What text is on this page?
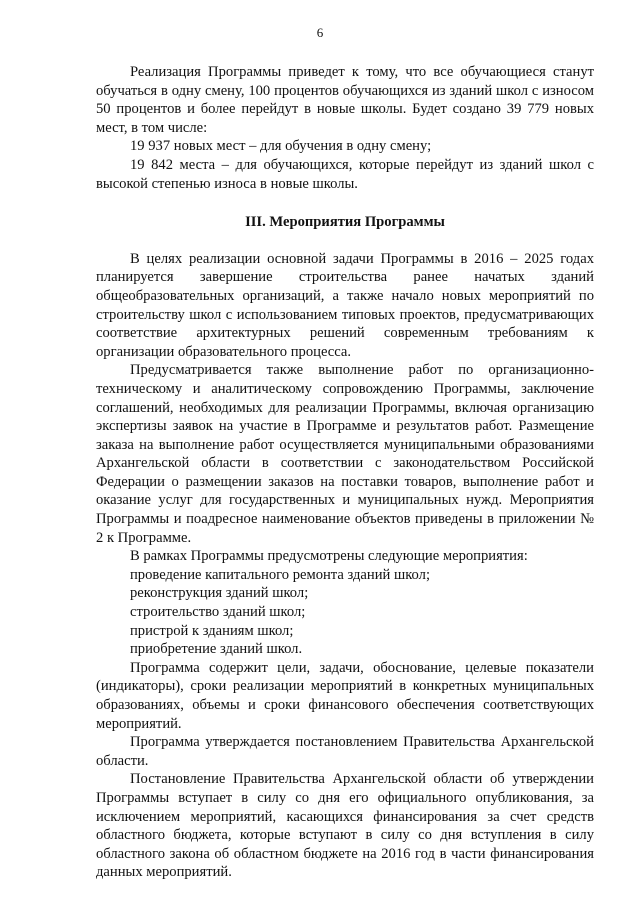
6

Реализация Программы приведет к тому, что все обучающиеся станут обучаться в одну смену, 100 процентов обучающихся из зданий школ с износом 50 процентов и более перейдут в новые школы. Будет создано 39 779 новых мест, в том числе:

19 937 новых мест – для обучения в одну смену;

19 842 места – для обучающихся, которые перейдут из зданий школ с высокой степенью износа в новые школы.

III. Мероприятия Программы

В целях реализации основной задачи Программы в 2016 – 2025 годах планируется завершение строительства ранее начатых зданий общеобразовательных организаций, а также начало новых мероприятий по строительству школ с использованием типовых проектов, предусматривающих соответствие архитектурных решений современным требованиям к организации образовательного процесса.

Предусматривается также выполнение работ по организационно-техническому и аналитическому сопровождению Программы, заключение соглашений, необходимых для реализации Программы, включая организацию экспертизы заявок на участие в Программе и результатов работ. Размещение заказа на выполнение работ осуществляется муниципальными образованиями Архангельской области в соответствии с законодательством Российской Федерации о размещении заказов на поставки товаров, выполнение работ и оказание услуг для государственных и муниципальных нужд. Мероприятия Программы и поадресное наименование объектов приведены в приложении № 2 к Программе.

В рамках Программы предусмотрены следующие мероприятия:

проведение капитального ремонта зданий школ;

реконструкция зданий школ;

строительство зданий школ;

пристрой к зданиям школ;

приобретение зданий школ.

Программа содержит цели, задачи, обоснование, целевые показатели (индикаторы), сроки реализации мероприятий в конкретных муниципальных образованиях, объемы и сроки финансового обеспечения соответствующих мероприятий.

Программа утверждается постановлением Правительства Архангельской области.

Постановление Правительства Архангельской области об утверждении Программы вступает в силу со дня его официального опубликования, за исключением мероприятий, касающихся финансирования за счет средств областного бюджета, которые вступают в силу со дня вступления в силу областного закона об областном бюджете на 2016 год в части финансирования данных мероприятий.
